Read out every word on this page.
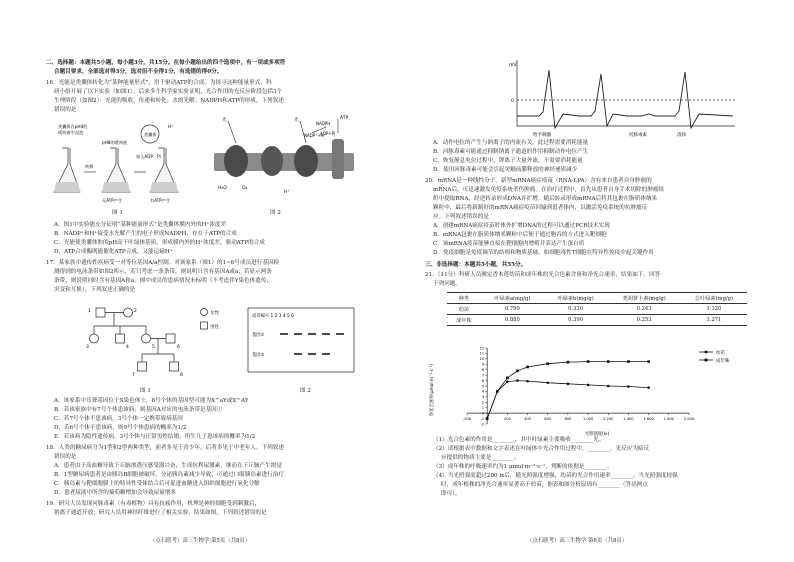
二、选择题：本题共5小题，每小题3分，共15分。在每小题给出的四个选项中，有一项或多项符
合题目要求，全部选对得3分，选对但不全得1分，有选错的得0分。
16．光能是类囊体转化为“某种能量形式”，用于驱动ATP的合成。为探寻这种能量形式，科
研小组开展了以下实验（如图1）。后来多个科学家实验证明，光合作用的光反应阶段包括3个
生理阶段（如图2）：光能的吸收、传递和转化；水的光解；NADPH和ATP的形成。下列叙述
错误的是
类囊体在pH4的
缓冲液中浸泡
转移
pH8的缓冲液
加入ADP、Pi
无ATP产生	有ATP产生
类囊体
H⁺
图 1
光	光	ATP
NADP⁺+H⁺
NADPH
ADP+Pi
H₂O	O₂
H⁺
图 2
A．图1中实验能充分证明“某种能量形式”是类囊体膜内外的H⁺浓度差
B．NADP⁺和H⁺接受水光解产生的电子形成NADPH，存在于ATP的合成
C．光能使类囊体腔的pH高于叶绿体基质，形成膜内外的H⁺浓度差，驱动ATP的合成
D．ATP合成酶既能催化ATP合成，又能运输H⁺
17．某家族中遗传性疾病受一对等位基因A/a控制。对该家系（图1）的1~6号成员进行基因检
测得到的电泳条带如图2所示，若只考虑一条条带，则说明只含有基因A或a；若显示两条
条带，则说明同时含有基因A和a。图中成员的患病情况未标明（不考虑伴Y染色体遗传，
突变和互换）。下列叙述正确的是
1	2
3	4	5	6
7	8
女性
男性
图 1
成员编号 1 2 3 4 5 6
基因①
基因②
图 2
A．该家系中耳聋基因位于X染色体上，8号个体的基因型可能为X^aY或X^AY
B．若该家族中有7号个体患该病，则基因A对应的电泳条带是基因①
C．若7号个体不患该病，3号个体一定携带致病基因
D．若6号个体不患该病，则9号个体患病的概率为1/2
E．若该病为隐性遗传病，3号个体与正常男性结婚，所生儿子患该病的概率为1/2
18．人类的糖尿病分为1型和2型两种类型，前者多见于青少年，后者多见于中老年人。下列叙述
错误的是
A．患者由于高血糖导致下丘脑渗透压感受器兴奋，生成抗利尿激素，继而在下丘脑产生渴觉
B．1型糖尿病患者是由胰岛B细胞被破坏，分泌胰岛素减少导致，可通过口服胰岛素进行治疗
C．胰岛素与靶细胞膜上的特异性受体结合后可促进血糖进入组织细胞进行氧化分解
D．患者尿液中所含的葡萄糖增加会导致尿量增多
19．研究人员发现河豚毒素（有毒植物）具有抗癌作用，机理是神经细胞受到刺激后，
钠离子通道开放；研究人员用神经纤维进行了相关实验，结果如图。下列叙述错误的是
（点石联考）高三生物学 第5页（共8页）
mV
0
给予刺激	河豚毒素	清除
A．动作电位的产生与钠离子的内流有关，此过程需要消耗能量
B．河豚毒素可能通过抑制钠离子通道的作用抑制动作电位产生
C．恢复静息电位过程中，钾离子大量外流，不需要消耗能量
D．使用河豚毒素可能会引起突触前膜释放的神经递质减少
20．mRNA是一种线性分子。新型mRNA癌症疫苗（RNA-LPA）含有来自患者自身肿瘤的
mRNA后，可迅速激发免疫系统杀伤肿瘤。在治疗过程中，首先从患者自身手术切除的肿瘤组
织中提取RNA，经逆转录形成DNA并扩增，随后转录形成mRNA后将其包裹在脂质体纳米
颗粒中，最后将新制好的mRNA癌症疫苗回输到患者体内，以激活免疫系统的抗肿瘤反
应。下列叙述错误的是
A．创建mRNA癌症疫苗时体外扩增DNA的过程可以通过PCR技术实现
B．mRNA包裹在脂质体纳米颗粒中后便于通过胞吞的方式进入靶细胞
C．该mRNA疫苗能够直接在靶细胞内增殖并表达产生蛋白质
D．免疫细胞是免疫调节的结构和物质基础，如细胞毒性T细胞在特异性免疫中起关键作用
三、非选择题：本题共5小题，共55分。
21．（11分）科研人员测定香木莲幼苗和成年株的光合色素含量和净光合速率，结果如下。回答
下列问题。
种类	叶绿素a(mg/g)	叶绿素b(mg/g)	类胡萝卜素(mg/g)	总叶绿素(mg/g)
幼苗	0.790	0.330	0.243	1.120
成年株	0.880	0.390	0.253	1.271
-200	200	400	600	800	1 000	1 200	1 400	1 600	1 800	2 000
-2
-1
0
1
2
3
4
5
6
7
8
9
10
11
12
光照强度(lx)
净光合速率(μmol·m⁻²·s⁻¹)
幼苗
成年株
（1）光合色素的作用是________，其中叶绿素主要吸收________光。
（2）请根据表中数据和文字表述在叶绿体中光合作用过程中，________。光反应为暗反
应提供的物质主要是________。
（3）成年株的呼吸速率约为1 μmol·m⁻²·s⁻¹，判断的依据是________。
（4）当光照强度超过200 lx后，随光照强度增强，幼苗的光合作用速率________。当光照强度较强
时，成年植株的净光合速率显著高于幼苗，据表和图分析原因有________（答出两点
即可）。
（点石联考）高三生物学 第6页（共8页）
